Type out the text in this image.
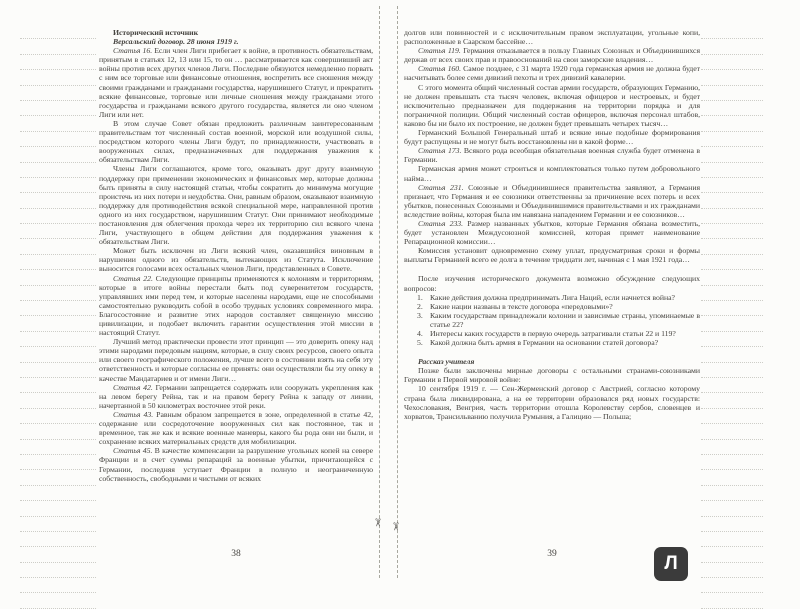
Исторический источник

Версальский договор. 28 июня 1919 г.

Статья 16. Если член Лиги прибегает к войне, в противность обязательствам, принятым в статьях 12, 13 или 15, то он … рассматривается как совершивший акт войны против всех других членов Лиги. Последние обязуются немедленно порвать с ним все торговые или финансовые отношения, воспретить все сношения между своими гражданами и гражданами государства, нарушившего Статут, и прекратить всякие финансовые, торговые или личные сношения между гражданами этого государства и гражданами всякого другого государства, является ли оно членом Лиги или нет.

В этом случае Совет обязан предложить различным заинтересованным правительствам тот численный состав военной, морской или воздушной силы, посредством которого члены Лиги будут, по принадлежности, участвовать в вооруженных силах, предназначенных для поддержания уважения к обязательствам Лиги.

Члены Лиги соглашаются, кроме того, оказывать друг другу взаимную поддержку при применении экономических и финансовых мер, которые должны быть приняты в силу настоящей статьи, чтобы сократить до минимума могущие проистечь из них потери и неудобства. Они, равным образом, оказывают взаимную поддержку для противодействия всякой специальной мере, направленной против одного из них государством, нарушившим Статут. Они принимают необходимые постановления для облегчения прохода через их территорию сил всякого члена Лиги, участвующего в общем действии для поддержания уважения к обязательствам Лиги.

Может быть исключен из Лиги всякий член, оказавшийся виновным в нарушении одного из обязательств, вытекающих из Статута. Исключение выносится голосами всех остальных членов Лиги, представленных в Совете.

Статья 22. Следующие принципы применяются к колониям и территориям, которые в итоге войны перестали быть под суверенитетом государств, управлявших ими перед тем, и которые населены народами, еще не способными самостоятельно руководить собой в особо трудных условиях современного мира. Благосостояние и развитие этих народов составляет священную миссию цивилизации, и подобает включить гарантии осуществления этой миссии в настоящий Статут.

Лучший метод практически провести этот принцип — это доверить опеку над этими народами передовым нациям, которые, в силу своих ресурсов, своего опыта или своего географического положения, лучше всего в состоянии взять на себя эту ответственность и которые согласны ее принять: они осуществляли бы эту опеку в качестве Мандатариев и от имени Лиги…

Статья 42. Германии запрещается содержать или сооружать укрепления как на левом берегу Рейна, так и на правом берегу Рейна к западу от линии, начертанной в 50 километрах восточнее этой реки.

Статья 43. Равным образом запрещается в зоне, определенной в статье 42, содержание или сосредоточение вооруженных сил как постоянное, так и временное, так же как и всякие военные маневры, какого бы рода они ни были, и сохранение всяких материальных средств для мобилизации.

Статья 45. В качестве компенсации за разрушение угольных копей на севере Франции и в счет суммы репараций за военные убытки, причитающейся с Германии, последняя уступает Франции в полную и неограниченную собственность, свободными и чистыми от всяких

долгов или повинностей и с исключительным правом эксплуатации, угольные копи, расположенные в Саарском бассейне…

Статья 119. Германия отказывается в пользу Главных Союзных и Объединившихся держав от всех своих прав и правооснований на свои заморские владения…

Статья 160. Самое позднее, с 31 марта 1920 года германская армия не должна будет насчитывать более семи дивизий пехоты и трех дивизий кавалерии.

С этого момента общий численный состав армии государств, образующих Германию, не должен превышать ста тысяч человек, включая офицеров и нестроевых, и будет исключительно предназначен для поддержания на территории порядка и для пограничной полиции. Общий численный состав офицеров, включая персонал штабов, каково бы ни было их построение, не должен будет превышать четырех тысяч…

Германский Большой Генеральный штаб и всякие иные подобные формирования будут распущены и не могут быть восстановлены ни в какой форме…

Статья 173. Всякого рода всеобщая обязательная военная служба будет отменена в Германии.

Германская армия может строиться и комплектоваться только путем добровольного найма…

Статья 231. Союзные и Объединившиеся правительства заявляют, а Германия признает, что Германия и ее союзники ответственны за причинение всех потерь и всех убытков, понесенных Союзными и Объединившимися правительствами и их гражданами вследствие войны, которая была им навязана нападением Германии и ее союзников…

Статья 233. Размер названных убытков, которые Германия обязана возместить, будет установлен Междусоюзной комиссией, которая примет наименование Репарационной комиссии…

Комиссия установит одновременно схему уплат, предусматривая сроки и формы выплаты Германией всего ее долга в течение тридцати лет, начиная с 1 мая 1921 года…

После изучения исторического документа возможно обсуждение следующих вопросов:

1. Какие действия должна предпринимать Лига Наций, если начнется война?
2. Какие нации названы в тексте договора «передовыми»?
3. Каким государствам принадлежали колонии и зависимые страны, упоминаемые в статье 22?
4. Интересы каких государств в первую очередь затрагивали статьи 22 и 119?
5. Какой должна быть армия в Германии на основании статей договора?

Рассказ учителя

Позже были заключены мирные договоры с остальными странами-союзниками Германии в Первой мировой войне:

10 сентября 1919 г. — Сен-Жерменский договор с Австрией, согласно которому страна была ликвидирована, а на ее территории образовался ряд новых государств: Чехословакия, Венгрия, часть территории отошла Королевству сербов, словенцев и хорватов, Трансильванию получила Румыния, а Галицию — Польша;

38	39
✂ ✂
Л
